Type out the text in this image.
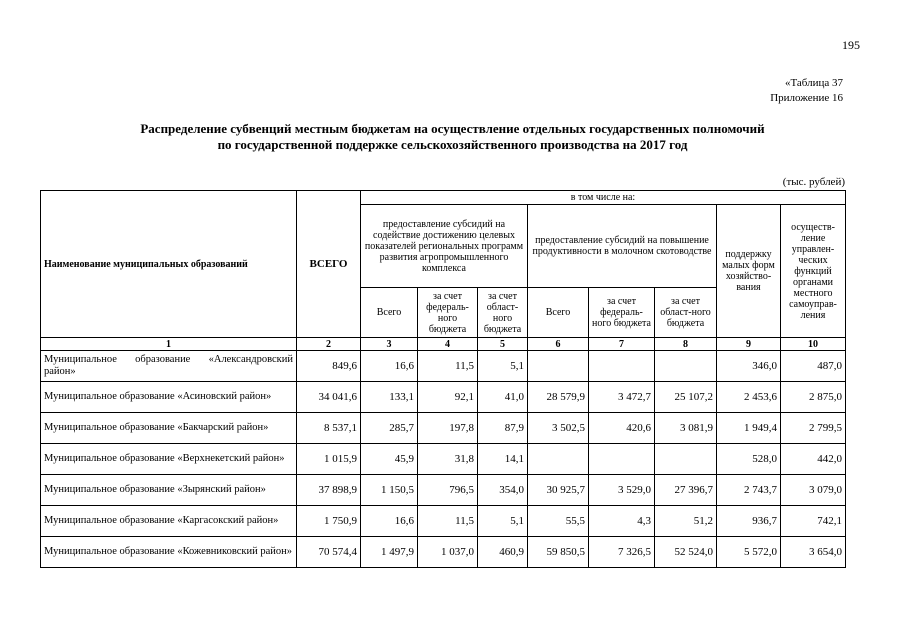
195
«Таблица 37
Приложение 16
Распределение субвенций местным бюджетам на осуществление отдельных государственных полномочий
по государственной поддержке сельскохозяйственного производства на 2017 год
(тыс. рублей)
Наименование муниципальных образований	ВСЕГО	в том числе на:							
		предоставление субсидий на содействие достижению целевых показателей региональных программ развития агропромышленного комплекса			предоставление субсидий на повышение продуктивности в молочном скотоводстве			поддержку малых форм хозяйство-вания	осуществ-ление управлен-ческих функций органами местного самоуправ-ления
		Всего	за счет федераль-ного бюджета	за счет област-ного бюджета	Всего	за счет федераль-ного бюджета	за счет област-ного бюджета		
1	2	3	4	5	6	7	8	9	10
Муниципальное образование «Александровский район»	849,6	16,6	11,5	5,1				346,0	487,0
Муниципальное образование «Асиновский район»	34 041,6	133,1	92,1	41,0	28 579,9	3 472,7	25 107,2	2 453,6	2 875,0
Муниципальное образование «Бакчарский район»	8 537,1	285,7	197,8	87,9	3 502,5	420,6	3 081,9	1 949,4	2 799,5
Муниципальное образование «Верхнекетский район»	1 015,9	45,9	31,8	14,1				528,0	442,0
Муниципальное образование «Зырянский район»	37 898,9	1 150,5	796,5	354,0	30 925,7	3 529,0	27 396,7	2 743,7	3 079,0
Муниципальное образование «Каргасокский район»	1 750,9	16,6	11,5	5,1	55,5	4,3	51,2	936,7	742,1
Муниципальное образование «Кожевниковский район»	70 574,4	1 497,9	1 037,0	460,9	59 850,5	7 326,5	52 524,0	5 572,0	3 654,0
